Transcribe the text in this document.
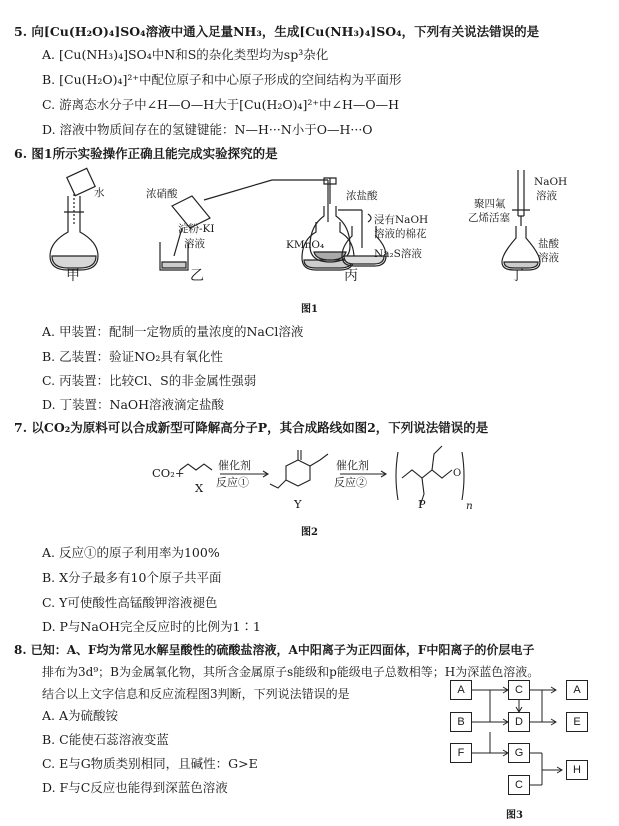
5. 向[Cu(H₂O)₄]SO₄溶液中通入足量NH₃，生成[Cu(NH₃)₄]SO₄，下列有关说法错误的是
A. [Cu(NH₃)₄]SO₄中N和S的杂化类型均为sp³杂化
B. [Cu(H₂O)₄]²⁺中配位原子和中心原子形成的空间结构为平面形
C. 游离态水分子中∠H—O—H大于[Cu(H₂O)₄]²⁺中∠H—O—H
D. 溶液中物质间存在的氢键键能：N—H···N小于O—H···O
6. 图1所示实验操作正确且能完成实验探究的是
水	浓硝酸
淀粉-KI
溶液
浓盐酸
浸有NaOH
溶液的棉花
KMnO₄
Na₂S溶液
NaOH
溶液
聚四氟
乙烯活塞
盐酸
溶液
甲	乙	丙	丁
图1
A. 甲装置：配制一定物质的量浓度的NaCl溶液
B. 乙装置：验证NO₂具有氧化性
C. 丙装置：比较Cl、S的非金属性强弱
D. 丁装置：NaOH溶液滴定盐酸
7. 以CO₂为原料可以合成新型可降解高分子P，其合成路线如图2，下列说法错误的是
O
CO₂+
X
催化剂
反应①
Y
催化剂
反应②
P	n
图2
A. 反应①的原子利用率为100%
B. X分子最多有10个原子共平面
C. Y可使酸性高锰酸钾溶液褪色
D. P与NaOH完全反应时的比例为1∶1
8. 已知：A、F均为常见水解呈酸性的硫酸盐溶液，A中阳离子为正四面体，F中阳离子的价层电子
排布为3d⁹；B为金属氧化物，其所含金属原子s能级和p能级电子总数相等；H为深蓝色溶液。
结合以上文字信息和反应流程图3判断，下列说法错误的是
A. A为硫酸铵
B. C能使石蕊溶液变蓝
C. E与G物质类别相同，且碱性：G>E
D. F与C反应也能得到深蓝色溶液
A
B
F
C
D
G
C
A
E
H
图3
